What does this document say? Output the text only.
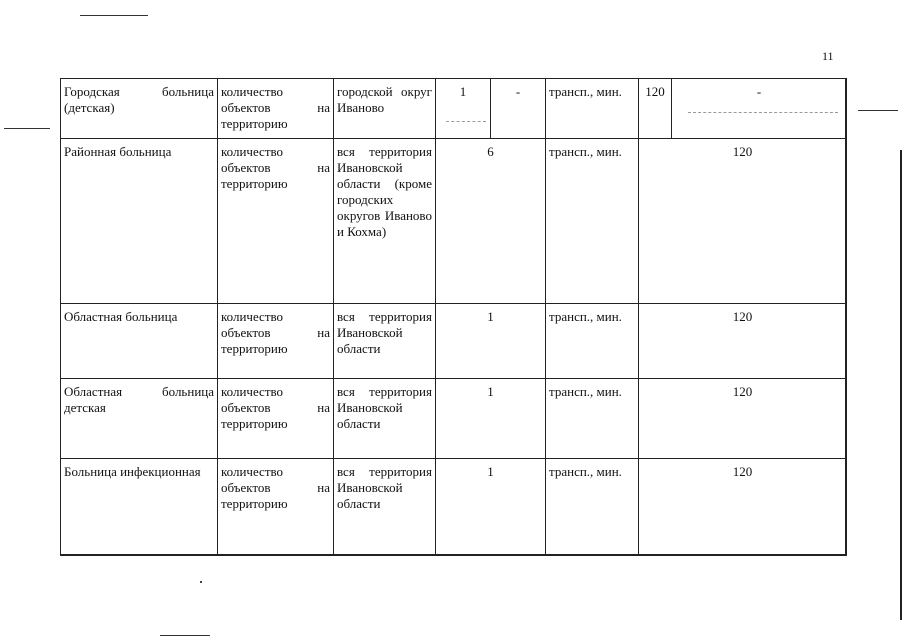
11
Городская больница (детская)	количество объектов на территорию	городской округ Иваново	1	-	трансп., мин.	120	-
Районная больница	количество объектов на территорию	вся территория Ивановской области (кроме городских округов Иваново и Кохма)	6		трансп., мин.	120	
Областная больница	количество объектов на территорию	вся территория Ивановской области	1		трансп., мин.	120	
Областная больница детская	количество объектов на территорию	вся территория Ивановской области	1		трансп., мин.	120	
Больница инфекционная	количество объектов на территорию	вся территория Ивановской области	1		трансп., мин.	120	
